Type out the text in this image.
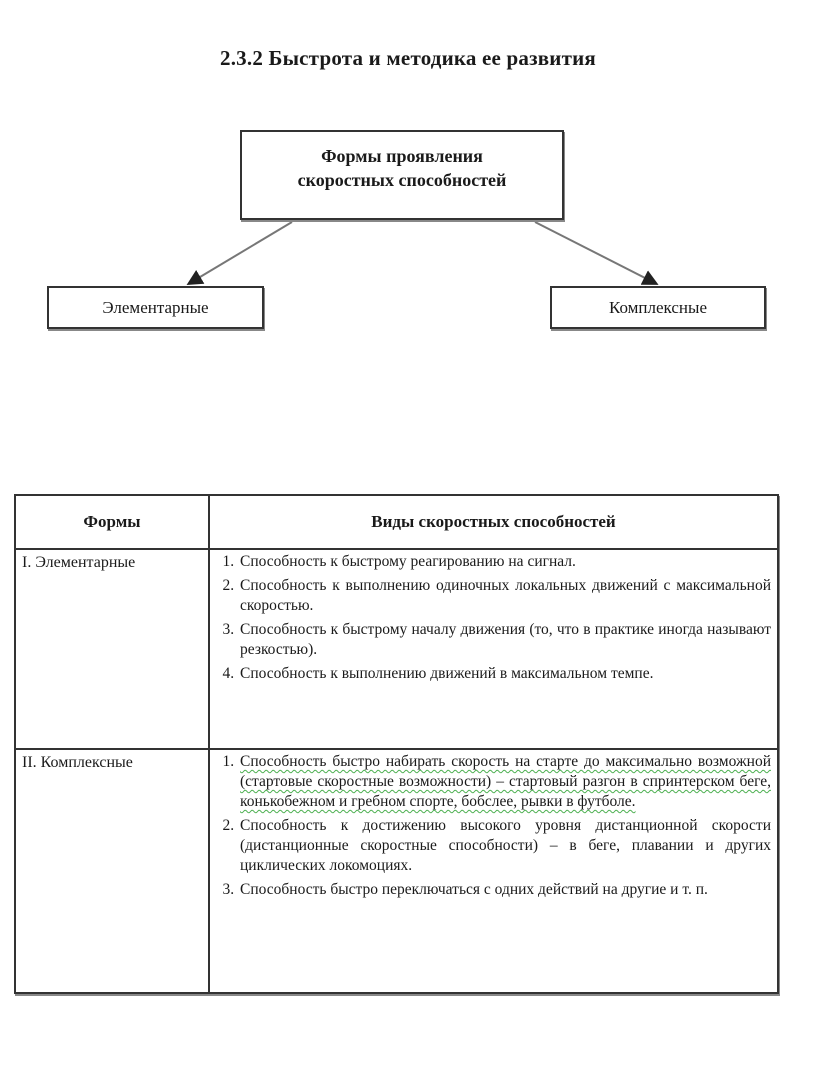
2.3.2 Быстрота и методика ее развития
Формы проявления
скоростных способностей
Элементарные	Комплексные
Формы	Виды скоростных способностей
I. Элементарные	
1.Способность к быстрому реагированию на сигнал.
2. Способность к выполнению одиночных локальных движений с максимальной скоростью.
3. Способность к быстрому началу движения (то, что в практике иногда называют резкостью).
4. Способность к выполнению движений в максимальном темпе.

II. Комплексные	
1.Способность быстро набирать скорость на старте до максимально возможной (стартовые скоростные возможности) – стартовый разгон в спринтерском беге, конькобежном и гребном спорте, бобслее, рывки в футболе.
2. Способность к достижению высокого уровня дистанционной скорости (дистанционные скоростные способности) – в беге, плавании и других циклических локомоциях.
3. Способность быстро переключаться с одних действий на другие и т. п.
